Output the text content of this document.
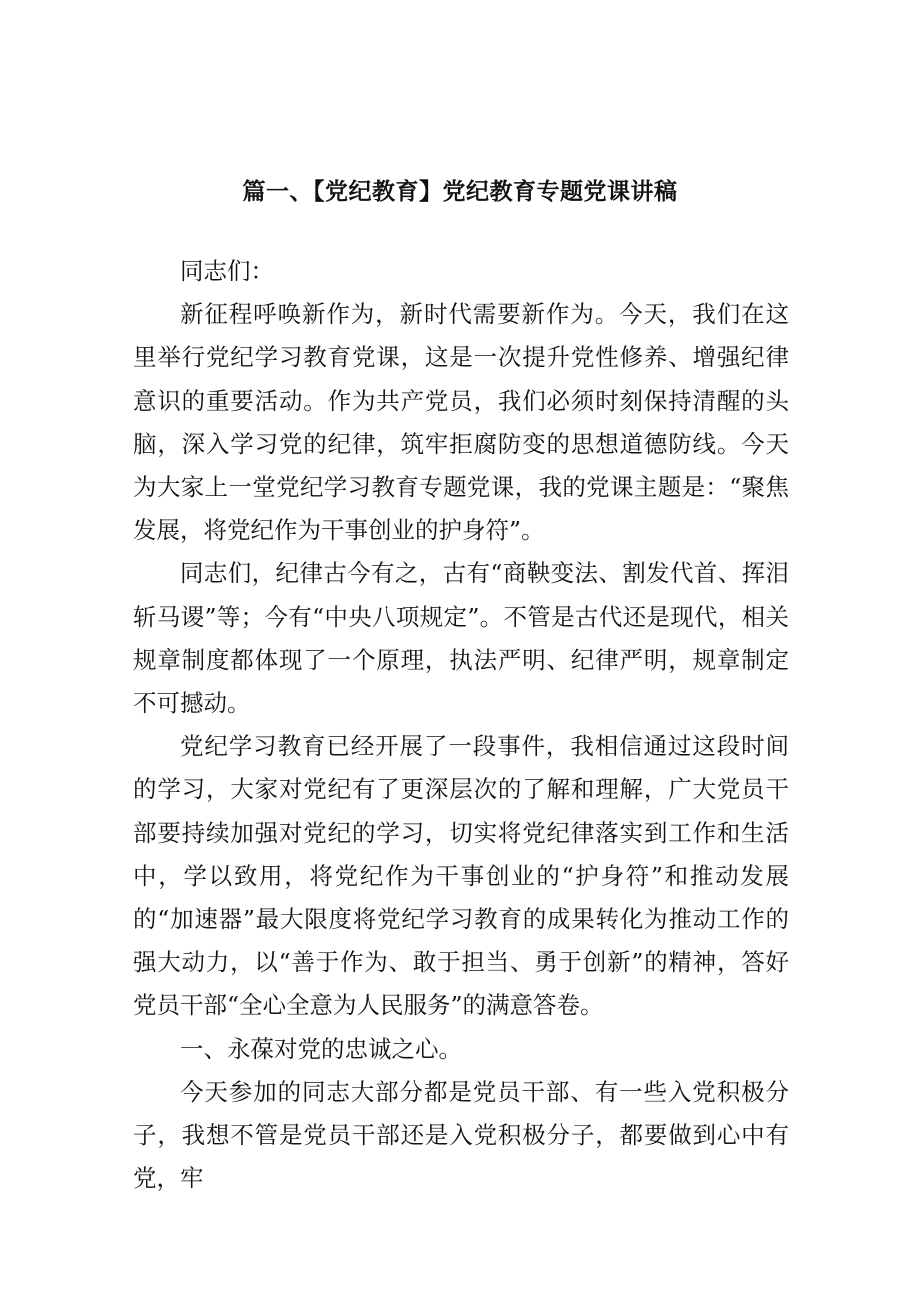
篇一、【党纪教育】党纪教育专题党课讲稿

同志们：

新征程呼唤新作为，新时代需要新作为。今天，我们在这里举行党纪学习教育党课，这是一次提升党性修养、增强纪律意识的重要活动。作为共产党员，我们必须时刻保持清醒的头脑，深入学习党的纪律，筑牢拒腐防变的思想道德防线。今天为大家上一堂党纪学习教育专题党课，我的党课主题是：“聚焦发展，将党纪作为干事创业的护身符”。

同志们，纪律古今有之，古有“商鞅变法、割发代首、挥泪斩马谡”等；今有“中央八项规定”。不管是古代还是现代，相关规章制度都体现了一个原理，执法严明、纪律严明，规章制定不可撼动。

党纪学习教育已经开展了一段事件，我相信通过这段时间的学习，大家对党纪有了更深层次的了解和理解，广大党员干部要持续加强对党纪的学习，切实将党纪律落实到工作和生活中，学以致用，将党纪作为干事创业的“护身符”和推动发展的“加速器”最大限度将党纪学习教育的成果转化为推动工作的强大动力，以“善于作为、敢于担当、勇于创新”的精神，答好党员干部“全心全意为人民服务”的满意答卷。

一、永葆对党的忠诚之心。

今天参加的同志大部分都是党员干部、有一些入党积极分子，我想不管是党员干部还是入党积极分子，都要做到心中有党，牢
